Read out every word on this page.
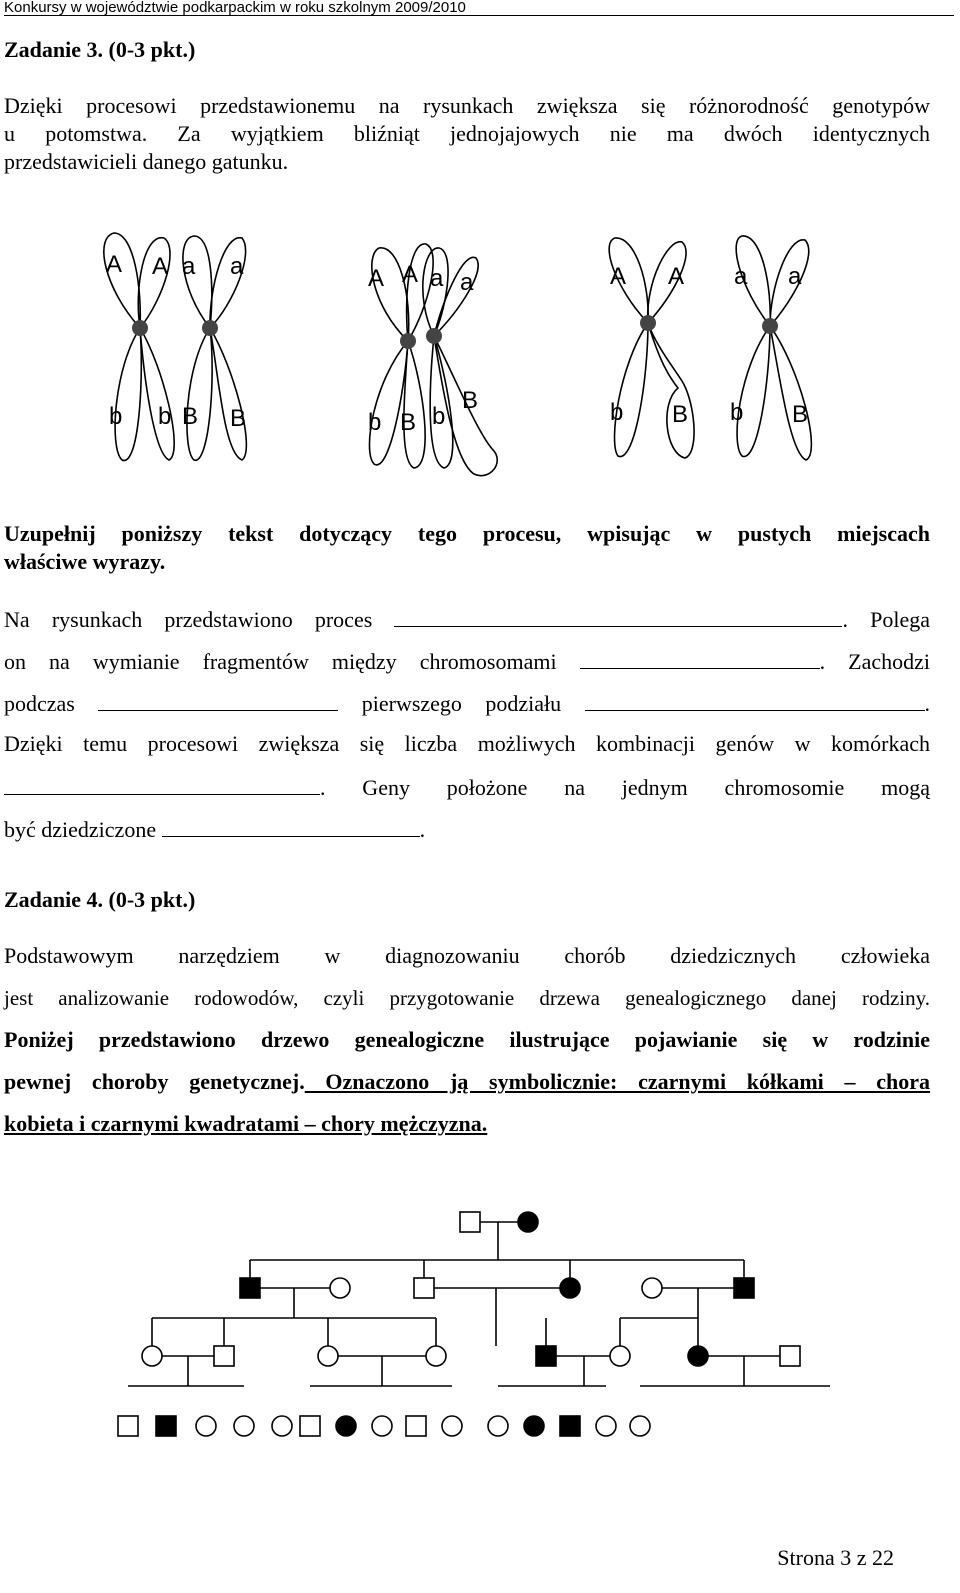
Konkursy w województwie podkarpackim w roku szkolnym 2009/2010
Zadanie 3. (0-3 pkt.)
Dzięki procesowi przedstawionemu na rysunkach zwiększa się różnorodność genotypów
u potomstwa. Za wyjątkiem bliźniąt jednojajowych nie ma dwóch identycznych
przedstawicieli danego gatunku.
A A a a
b b B B
A A a a
b B b
B
A A a a
b B b B
Uzupełnij poniższy tekst dotyczący tego procesu, wpisując w pustych miejscach
właściwe wyrazy.
Na rysunkach przedstawiono proces	. Polega
on na wymianie fragmentów między chromosomami	. Zachodzi
podczas	pierwszego podziału	.
Dzięki temu procesowi zwiększa się liczba możliwych kombinacji genów w komórkach
. Geny położone na jednym chromosomie mogą
być dziedziczone	.
Zadanie 4. (0-3 pkt.)
Podstawowym narzędziem w diagnozowaniu chorób dziedzicznych człowieka
jest analizowanie rodowodów, czyli przygotowanie drzewa genealogicznego danej rodziny.
Poniżej przedstawiono drzewo genealogiczne ilustrujące pojawianie się w rodzinie
pewnej choroby genetycznej. Oznaczono ją symbolicznie: czarnymi kółkami – chora
kobieta i czarnymi kwadratami – chory mężczyzna.
Strona 3 z 22
